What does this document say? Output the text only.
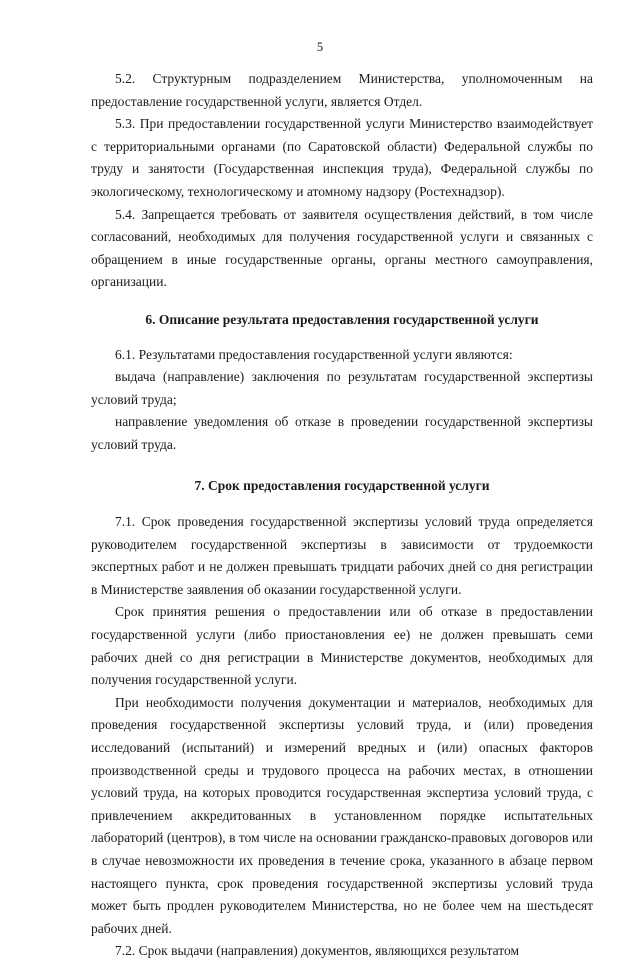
5

5.2. Структурным подразделением Министерства, уполномоченным на предоставление государственной услуги, является Отдел.

5.3. При предоставлении государственной услуги Министерство взаимодействует с территориальными органами (по Саратовской области) Федеральной службы по труду и занятости (Государственная инспекция труда), Федеральной службы по экологическому, технологическому и атомному надзору (Ростехнадзор).

5.4. Запрещается требовать от заявителя осуществления действий, в том числе согласований, необходимых для получения государственной услуги и связанных с обращением в иные государственные органы, органы местного самоуправления, организации.

6. Описание результата предоставления государственной услуги

6.1. Результатами предоставления государственной услуги являются:

выдача (направление) заключения по результатам государственной экспертизы условий труда;

направление уведомления об отказе в проведении государственной экспертизы условий труда.

7. Срок предоставления государственной услуги

7.1. Срок проведения государственной экспертизы условий труда определяется руководителем государственной экспертизы в зависимости от трудоемкости экспертных работ и не должен превышать тридцати рабочих дней со дня регистрации в Министерстве заявления об оказании государственной услуги.

Срок принятия решения о предоставлении или об отказе в предоставлении государственной услуги (либо приостановления ее) не должен превышать семи рабочих дней со дня регистрации в Министерстве документов, необходимых для получения государственной услуги.

При необходимости получения документации и материалов, необходимых для проведения государственной экспертизы условий труда, и (или) проведения исследований (испытаний) и измерений вредных и (или) опасных факторов производственной среды и трудового процесса на рабочих местах, в отношении условий труда, на которых проводится государственная экспертиза условий труда, с привлечением аккредитованных в установленном порядке испытательных лабораторий (центров), в том числе на основании гражданско-правовых договоров или в случае невозможности их проведения в течение срока, указанного в абзаце первом настоящего пункта, срок проведения государственной экспертизы условий труда может быть продлен руководителем Министерства, но не более чем на шестьдесят рабочих дней.

7.2. Срок выдачи (направления) документов, являющихся результатом
